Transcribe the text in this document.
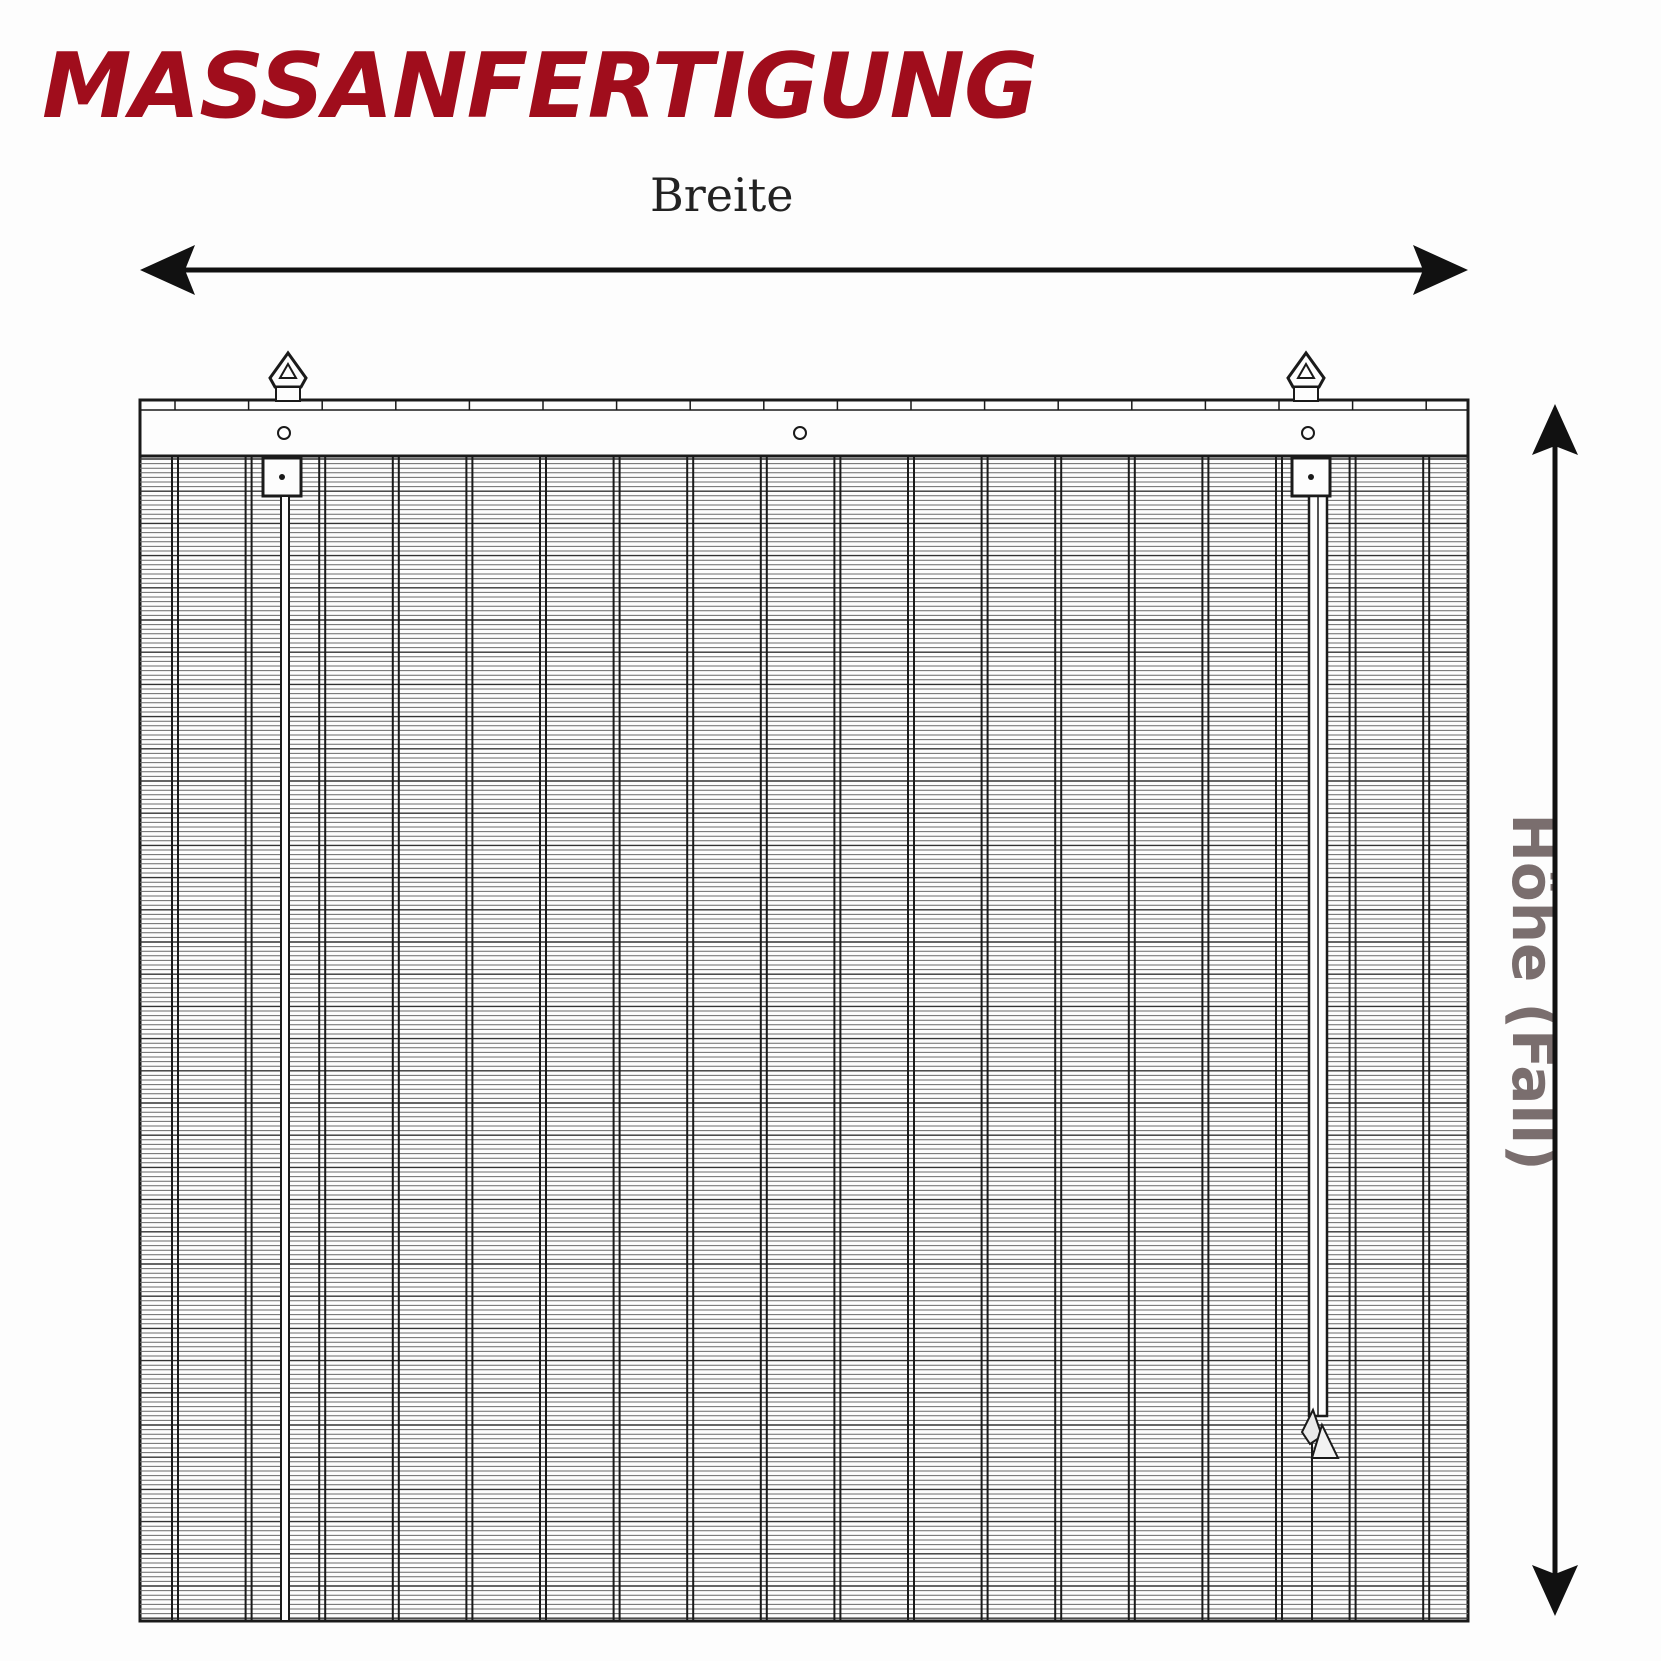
MASSANFERTIGUNG
Breite
Höhe (Fall)
